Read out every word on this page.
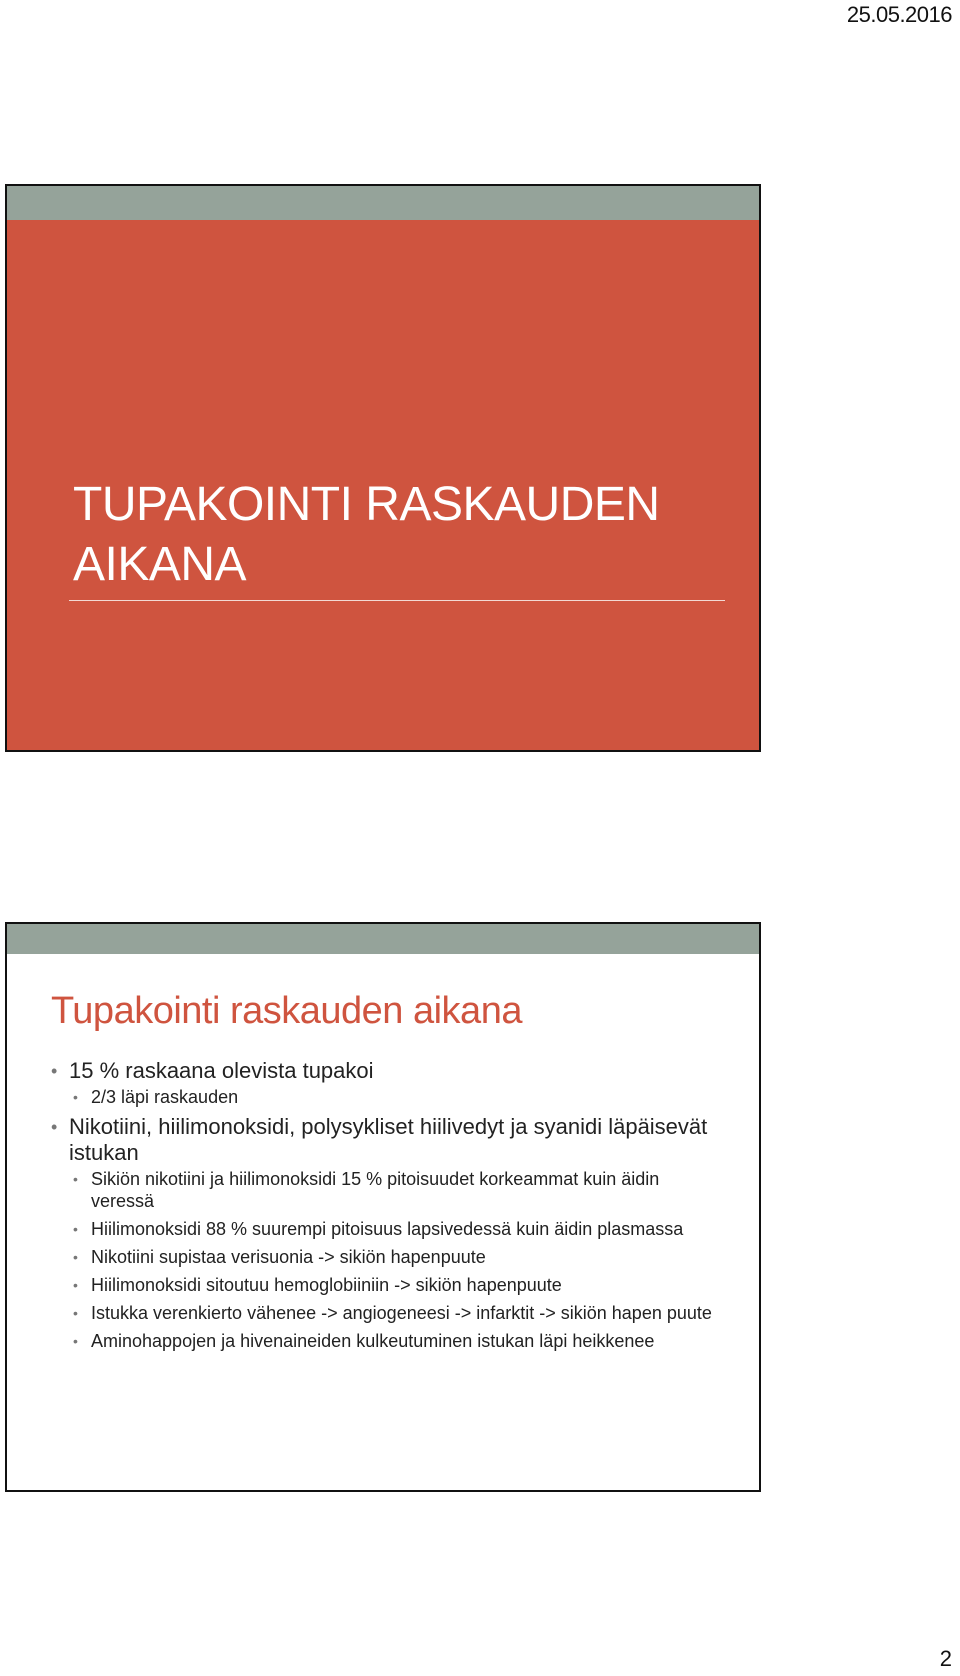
25.05.2016
TUPAKOINTI RASKAUDEN
AIKANA
Tupakointi raskauden aikana
• 15 % raskaana olevista tupakoi
• 2/3 läpi raskauden
• Nikotiini, hiilimonoksidi, polysykliset hiilivedyt ja syanidi läpäisevät istukan
• Sikiön nikotiini ja hiilimonoksidi 15 % pitoisuudet korkeammat kuin äidin veressä
• Hiilimonoksidi 88 % suurempi pitoisuus lapsivedessä kuin äidin plasmassa
• Nikotiini supistaa verisuonia -> sikiön hapenpuute
• Hiilimonoksidi sitoutuu hemoglobiiniin -> sikiön hapenpuute
• Istukka verenkierto vähenee -> angiogeneesi -> infarktit -> sikiön hapen puute
• Aminohappojen ja hivenaineiden kulkeutuminen istukan läpi heikkenee
2
